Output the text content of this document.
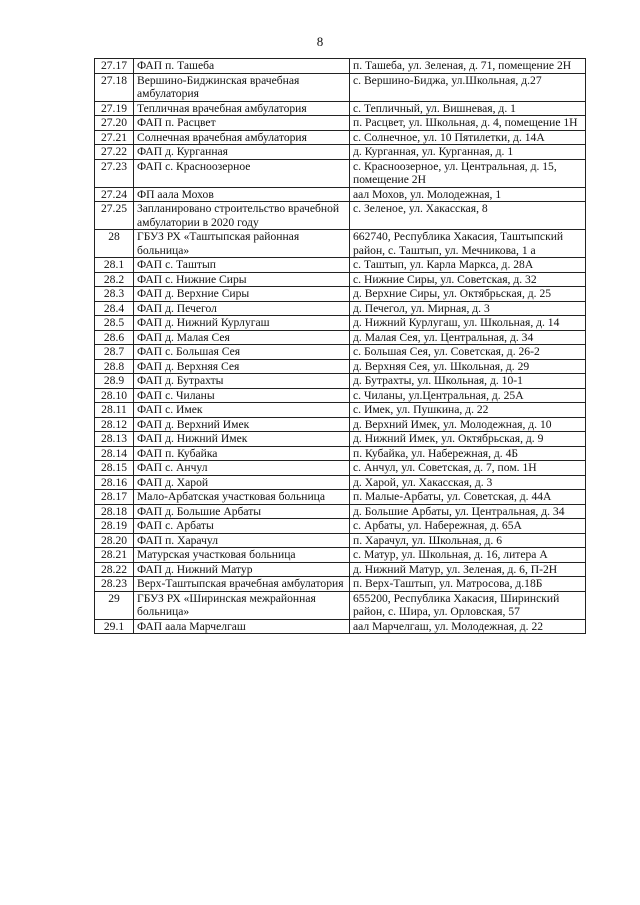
8
27.17	ФАП п. Ташеба	п. Ташеба, ул. Зеленая, д. 71, помещение 2Н
27.18	Вершино-Биджинская врачебная амбулатория	с. Вершино-Биджа, ул.Школьная, д.27
27.19	Тепличная врачебная амбулатория	с. Тепличный, ул. Вишневая, д. 1
27.20	ФАП п. Расцвет	п. Расцвет, ул. Школьная, д. 4, помещение 1Н
27.21	Солнечная врачебная амбулатория	с. Солнечное, ул. 10 Пятилетки, д. 14А
27.22	ФАП д. Курганная	д. Курганная, ул. Курганная, д. 1
27.23	ФАП с. Красноозерное	с. Красноозерное, ул. Центральная, д. 15, помещение 2Н
27.24	ФП аала Мохов	аал Мохов, ул. Молодежная, 1
27.25	Запланировано строительство врачебной амбулатории в 2020 году	с. Зеленое, ул. Хакасская, 8
28	ГБУЗ РХ «Таштыпская районная больница»	662740, Республика Хакасия, Таштыпский район, с. Таштып, ул. Мечникова, 1 а
28.1	ФАП с. Таштып	с. Таштып, ул. Карла Маркса, д. 28А
28.2	ФАП с. Нижние Сиры	с. Нижние Сиры, ул. Советская, д. 32
28.3	ФАП д. Верхние Сиры	д. Верхние Сиры, ул. Октябрьская, д. 25
28.4	ФАП д. Печегол	д. Печегол, ул. Мирная, д. 3
28.5	ФАП д. Нижний Курлугаш	д. Нижний Курлугаш, ул. Школьная, д. 14
28.6	ФАП д. Малая Сея	д. Малая Сея, ул. Центральная, д. 34
28.7	ФАП с. Большая Сея	с. Большая Сея, ул. Советская, д. 26-2
28.8	ФАП д. Верхняя Сея	д. Верхняя Сея, ул. Школьная, д. 29
28.9	ФАП д. Бутрахты	д. Бутрахты, ул. Школьная, д. 10-1
28.10	ФАП с. Чиланы	с. Чиланы, ул.Центральная, д. 25А
28.11	ФАП с. Имек	с. Имек, ул. Пушкина, д. 22
28.12	ФАП д. Верхний Имек	д. Верхний Имек, ул. Молодежная, д. 10
28.13	ФАП д. Нижний Имек	д. Нижний Имек, ул. Октябрьская, д. 9
28.14	ФАП п. Кубайка	п. Кубайка, ул. Набережная, д. 4Б
28.15	ФАП с. Анчул	с. Анчул, ул. Советская, д. 7, пом. 1Н
28.16	ФАП д. Харой	д. Харой, ул. Хакасская, д. 3
28.17	Мало-Арбатская участковая больница	п. Малые-Арбаты, ул. Советская, д. 44А
28.18	ФАП д. Большие Арбаты	д. Большие Арбаты, ул. Центральная, д. 34
28.19	ФАП с. Арбаты	с. Арбаты, ул. Набережная, д. 65А
28.20	ФАП п. Харачул	п. Харачул, ул. Школьная, д. 6
28.21	Матурская участковая больница	с. Матур, ул. Школьная, д. 16, литера А
28.22	ФАП д. Нижний Матур	д. Нижний Матур, ул. Зеленая, д. 6, П-2Н
28.23	Верх-Таштыпская врачебная амбулатория	п. Верх-Таштып, ул. Матросова, д.18Б
29	ГБУЗ РХ «Ширинская межрайонная больница»	655200, Республика Хакасия, Ширинский район, с. Шира, ул. Орловская, 57
29.1	ФАП аала Марчелгаш	аал Марчелгаш, ул. Молодежная, д. 22
